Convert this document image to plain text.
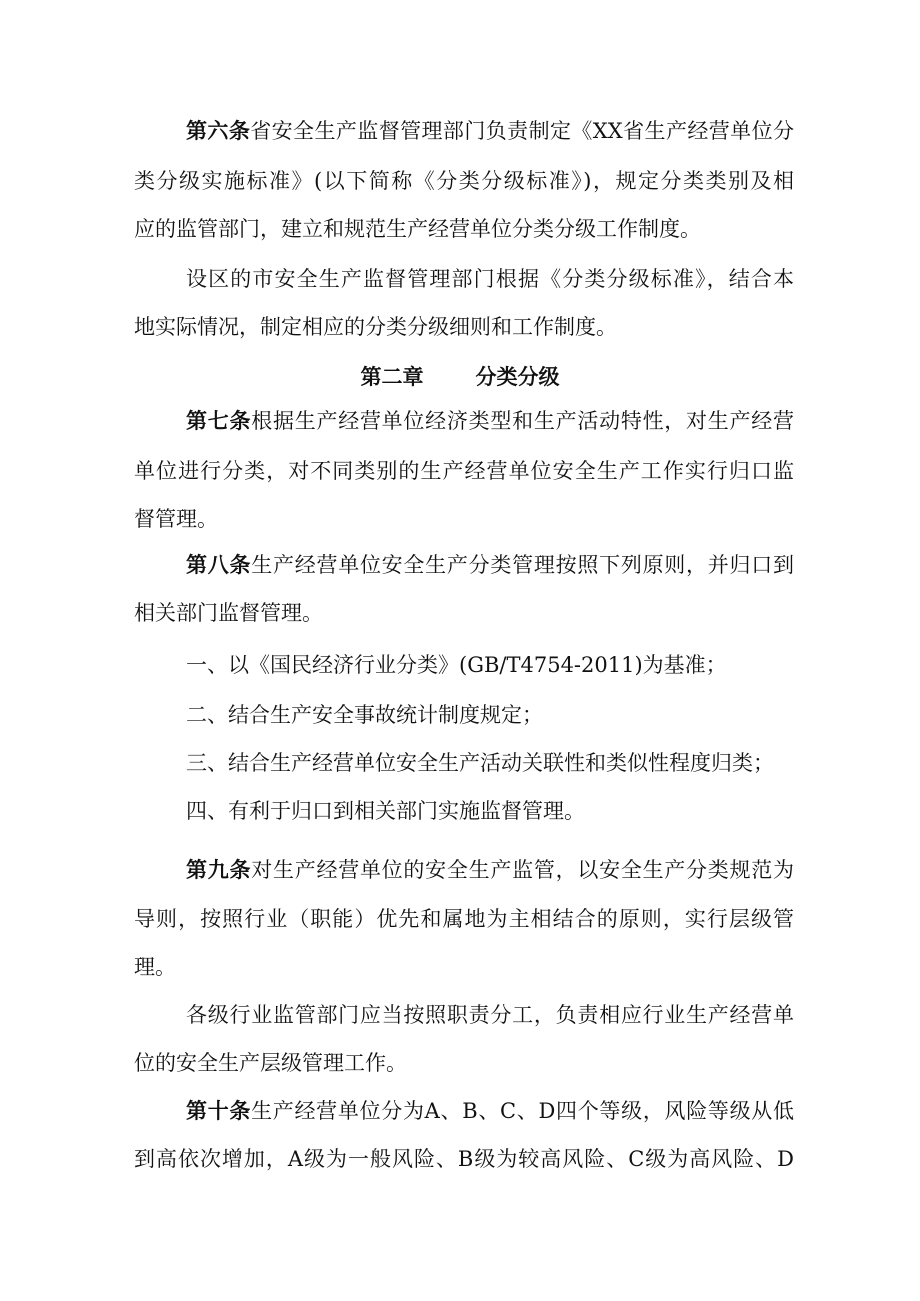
第六条省安全生产监督管理部门负责制定《XX省生产经营单位分
类分级实施标准》(以下简称《分类分级标准》)，规定分类类别及相
应的监管部门，建立和规范生产经营单位分类分级工作制度。
设区的市安全生产监督管理部门根据《分类分级标准》，结合本
地实际情况，制定相应的分类分级细则和工作制度。
第二章 分类分级
第七条根据生产经营单位经济类型和生产活动特性，对生产经营
单位进行分类，对不同类别的生产经营单位安全生产工作实行归口监
督管理。
第八条生产经营单位安全生产分类管理按照下列原则，并归口到
相关部门监督管理。
一、以《国民经济行业分类》(GB/T4754-2011)为基准；
二、结合生产安全事故统计制度规定；
三、结合生产经营单位安全生产活动关联性和类似性程度归类；
四、有利于归口到相关部门实施监督管理。
第九条对生产经营单位的安全生产监管，以安全生产分类规范为
导则，按照行业（职能）优先和属地为主相结合的原则，实行层级管
理。
各级行业监管部门应当按照职责分工，负责相应行业生产经营单
位的安全生产层级管理工作。
第十条生产经营单位分为A、B、C、D四个等级，风险等级从低
到高依次增加，A级为一般风险、B级为较高风险、C级为高风险、D
